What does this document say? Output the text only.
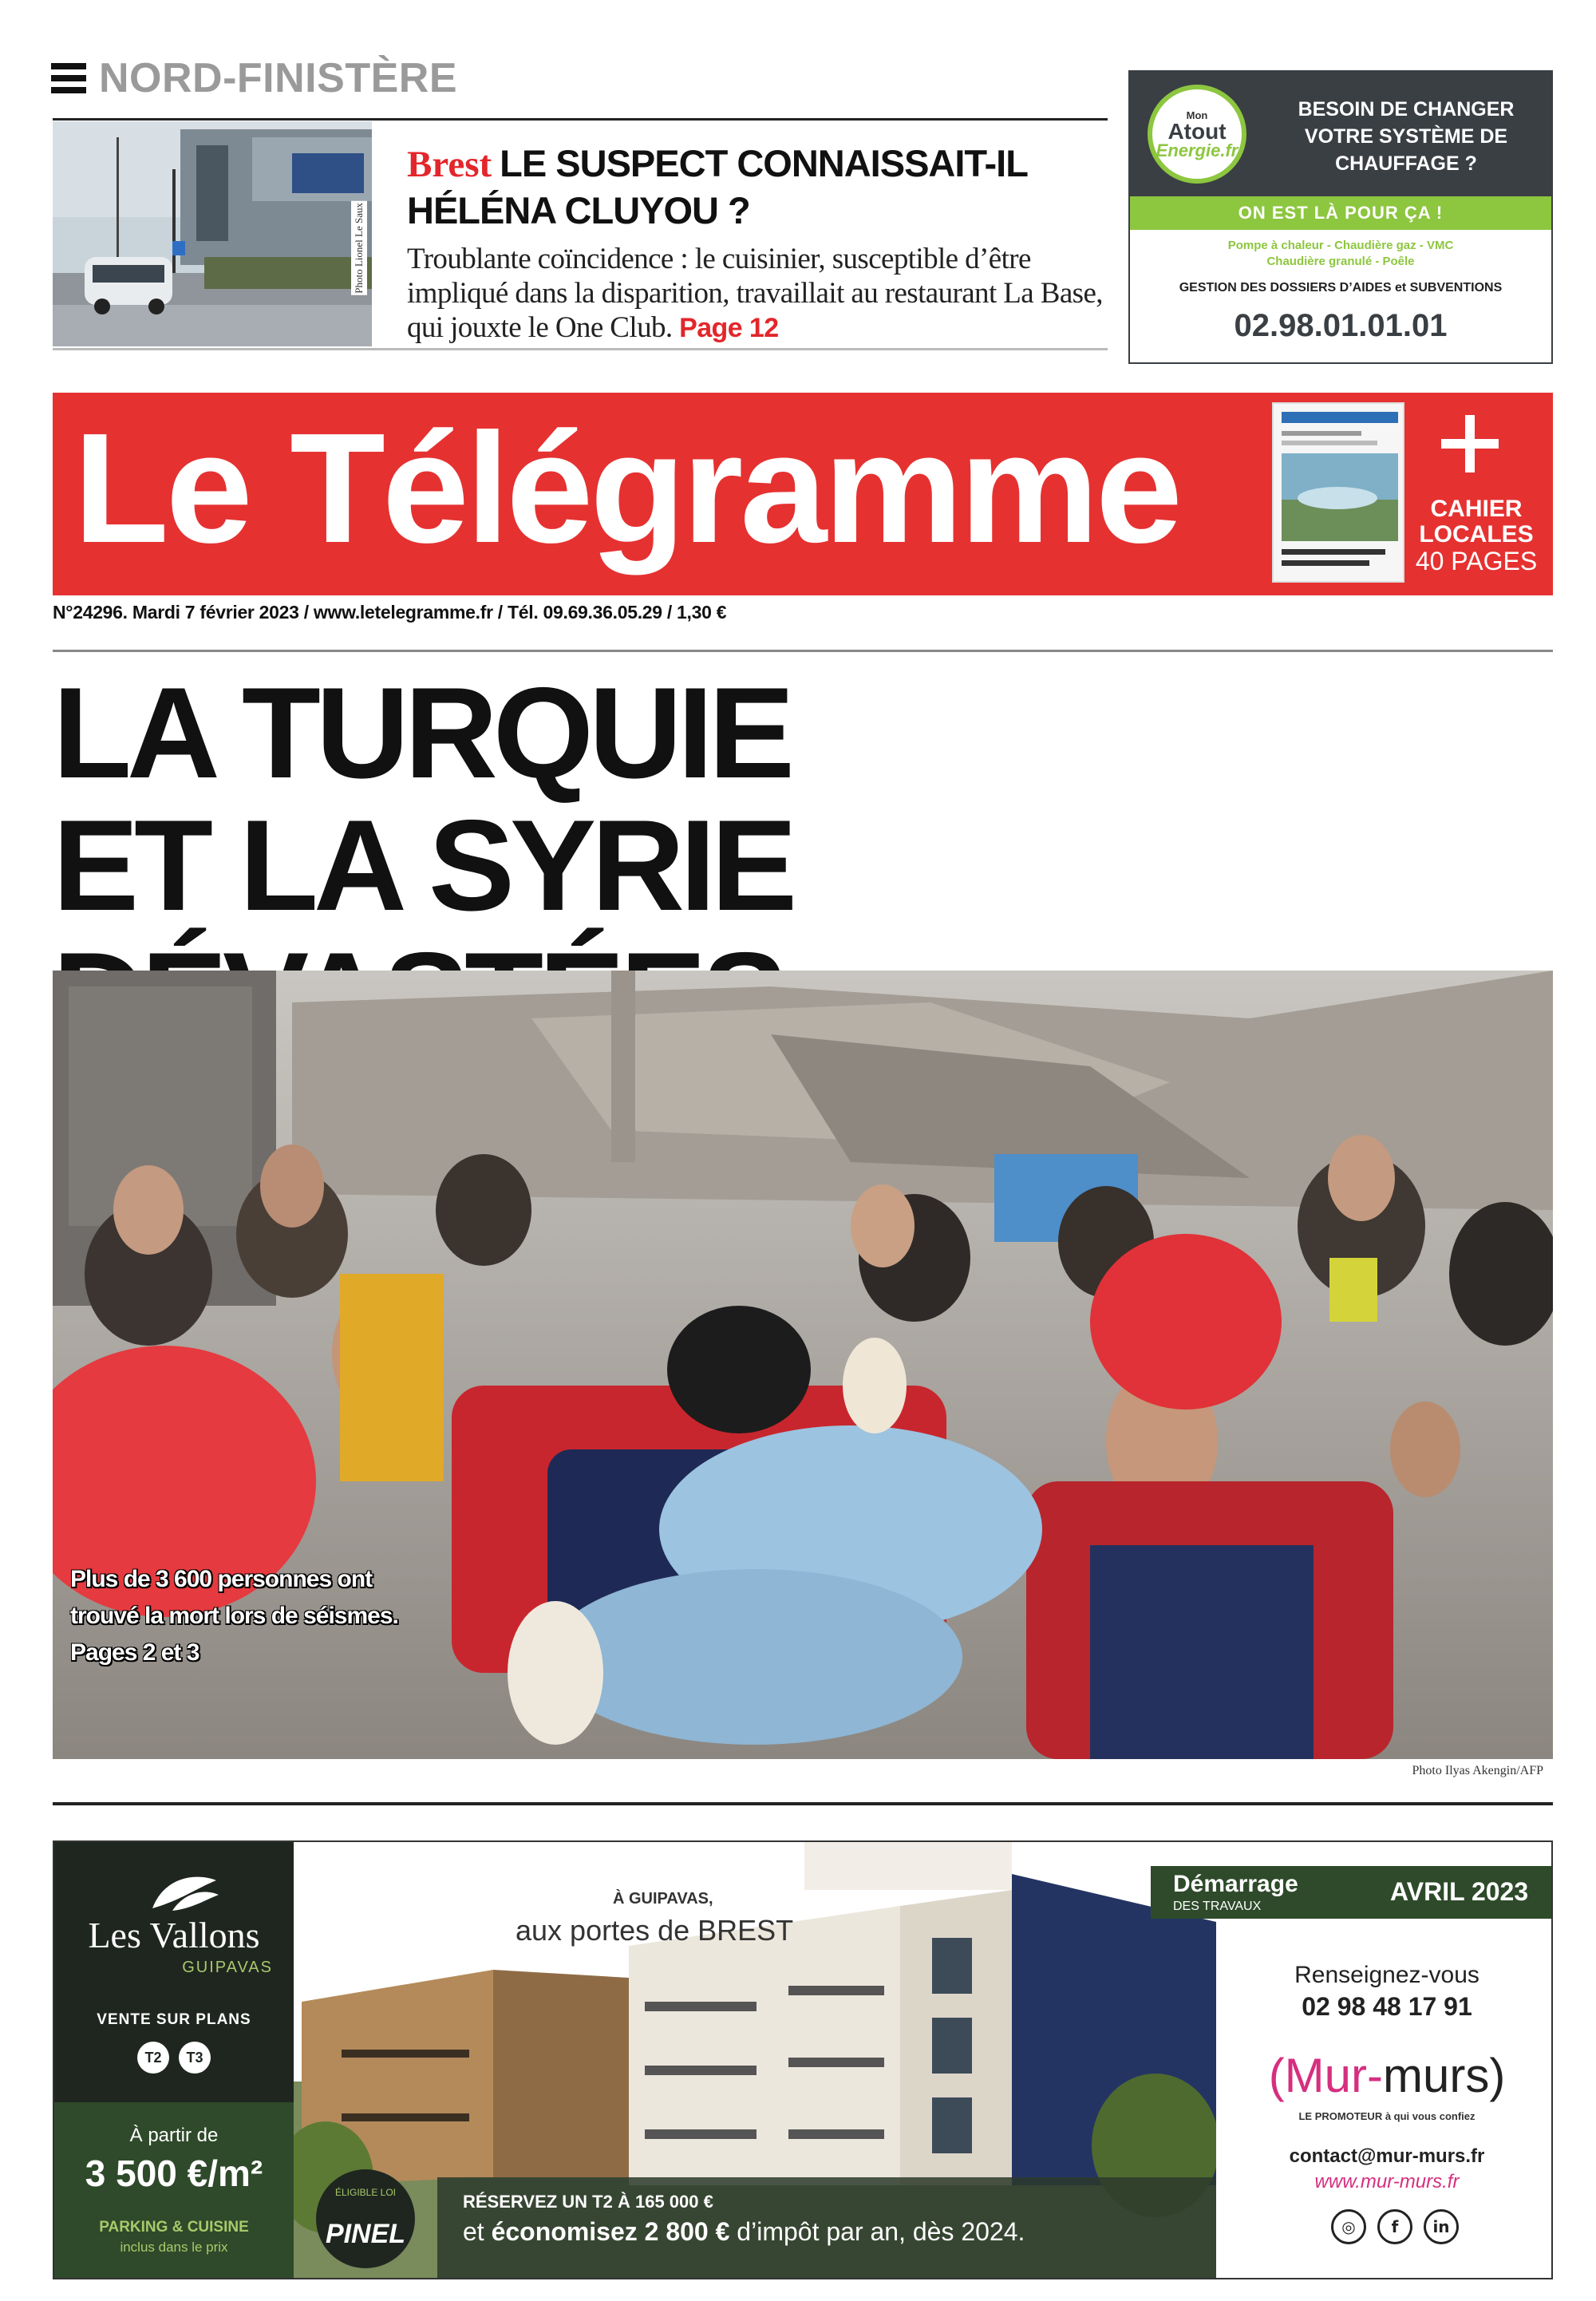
NORD-FINISTÈRE
Photo Lionel Le Saux
Brest LE SUSPECT CONNAISSAIT-IL HÉLÉNA CLUYOU ?
Troublante coïncidence : le cuisinier, susceptible d’être impliqué dans la disparition, travaillait au restaurant La Base, qui jouxte le One Club. Page 12
Mon
Atout
Energie.fr
BESOIN DE CHANGER VOTRE SYSTÈME DE CHAUFFAGE ?
ON EST LÀ POUR ÇA !
Pompe à chaleur - Chaudière gaz - VMC
Chaudière granulé - Poêle
GESTION DES DOSSIERS D’AIDES et SUBVENTIONS
02.98.01.01.01
Le Télégramme	CAHIER
LOCALES
40 PAGES
N°24296. Mardi 7 février 2023 / www.letelegramme.fr / Tél. 09.69.36.05.29 / 1,30 €
LA TURQUIE
ET LA SYRIE
Plus de 3 600 personnes ont trouvé la mort lors de séismes. Pages 2 et 3
Photo Ilyas Akengin/AFP
Les Vallons
GUIPAVAS
VENTE SUR PLANS
T2	T3
À partir de
3 500 €/m²
PARKING & CUISINE
inclus dans le prix
À GUIPAVAS,
aux portes de BREST
ÉLIGIBLE LOI
PINEL
RÉSERVEZ UN T2 À 165 000 €
et économisez 2 800 € d’impôt par an, dès 2024.
Démarrage
DES TRAVAUX
AVRIL 2023
Renseignez-vous
02 98 48 17 91
(Mur-murs)
LE PROMOTEUR à qui vous confiez
contact@mur-murs.fr
www.mur-murs.fr
◎	f	in
